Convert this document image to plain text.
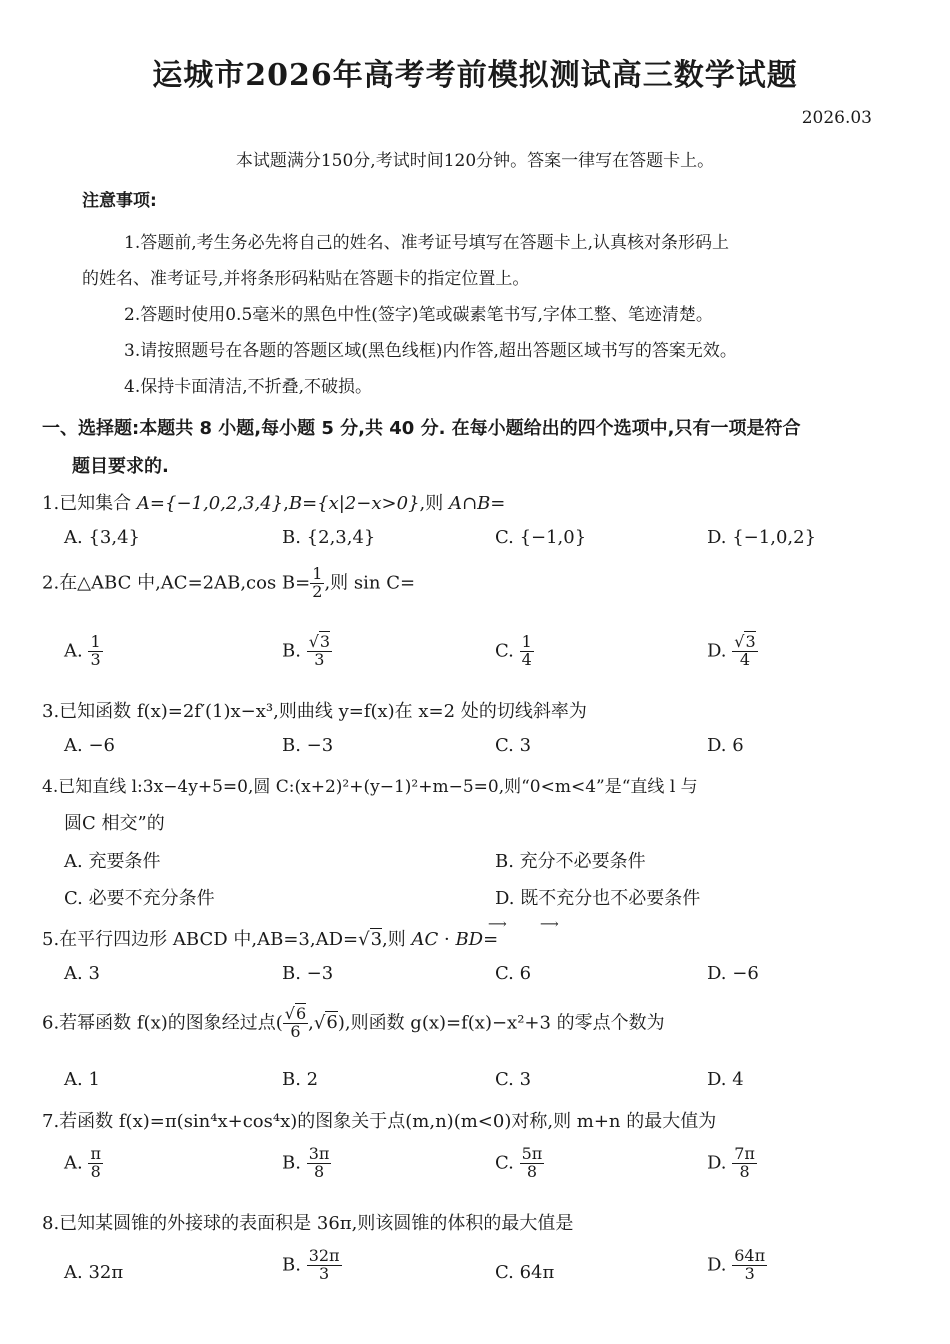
运城市2026年高考考前模拟测试高三数学试题
2026.03
本试题满分150分,考试时间120分钟。答案一律写在答题卡上。
注意事项:
1.答题前,考生务必先将自己的姓名、准考证号填写在答题卡上,认真核对条形码上
的姓名、准考证号,并将条形码粘贴在答题卡的指定位置上。
2.答题时使用0.5毫米的黑色中性(签字)笔或碳素笔书写,字体工整、笔迹清楚。
3.请按照题号在各题的答题区域(黑色线框)内作答,超出答题区域书写的答案无效。
4.保持卡面清洁,不折叠,不破损。
一、选择题:本题共 8 小题,每小题 5 分,共 40 分. 在每小题给出的四个选项中,只有一项是符合
题目要求的.
1.已知集合 A={−1,0,2,3,4},B={x|2−x>0},则 A∩B=
A. {3,4}	B. {2,3,4}	C. {−1,0}	D. {−1,0,2}
2.在△ABC 中,AC=2AB,cos $B= \frac{1}{2}$ ,则 sin C=
A. $\frac{1}{3}$	B. $\frac{√3}{3}$	C. $\frac{1}{4}$	D. $\frac{√3}{4}$
3.已知函数 f(x)=2f′(1)x−x³,则曲线 y=f(x)在 x=2 处的切线斜率为
A. −6	B. −3	C. 3	D. 6
4.已知直线 l:3x−4y+5=0,圆 C:(x+2)²+(y−1)²+m−5=0,则“0<m<4”是“直线 l 与
圆C 相交”的
A. 充要条件	B. 充分不必要条件
C. 必要不充分条件	D. 既不充分也不必要条件
5.在平行四边形 ABCD 中,AB=3,AD=√3,则 AC · BD=
⟶	⟶
A. 3	B. −3	C. 6	D. −6
6.若幂函数 f(x)的图象经过点( $\frac{√6}{6} ,√6$),则函数 g(x)=f(x)−x²+3 的零点个数为
A. 1	B. 2	C. 3	D. 4
7.若函数 f(x)=π(sin⁴x+cos⁴x)的图象关于点(m,n)(m<0)对称,则 m+n 的最大值为
A. $\frac{\pi}{8}$	B. $\frac{3\pi}{8}$	C. $\frac{5\pi}{8}$	D. $\frac{7\pi}{8}$
8.已知某圆锥的外接球的表面积是 36π,则该圆锥的体积的最大值是
A. 32π	B. $\frac{32\pi}{3}$	C. 64π	D. $\frac{64\pi}{3}$
